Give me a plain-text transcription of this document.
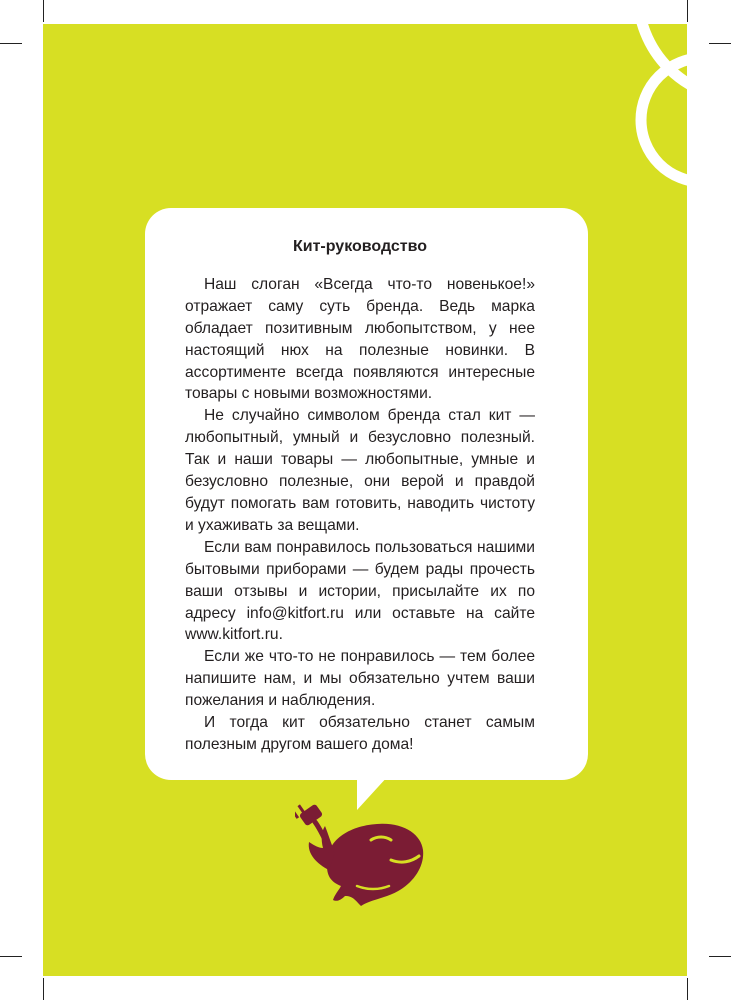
Кит-руководство

Наш слоган «Всегда что-то новенькое!» отражает саму суть бренда. Ведь марка обладает позитивным любопытством, у нее настоящий нюх на полезные новинки. В ассортименте всегда появляются интересные товары с новыми возможностями.

Не случайно символом бренда стал кит — любопытный, умный и безусловно полезный. Так и наши товары — любопытные, умные и безусловно полезные, они верой и правдой будут помогать вам готовить, наводить чистоту и ухаживать за вещами.

Если вам понравилось пользоваться нашими бытовыми приборами — будем рады прочесть ваши отзывы и истории, присылайте их по адресу info@kitfort.ru или оставьте на сайте www.kitfort.ru.

Если же что-то не понравилось — тем более напишите нам, и мы обязательно учтем ваши пожелания и наблюдения.

И тогда кит обязательно станет самым полезным другом вашего дома!
